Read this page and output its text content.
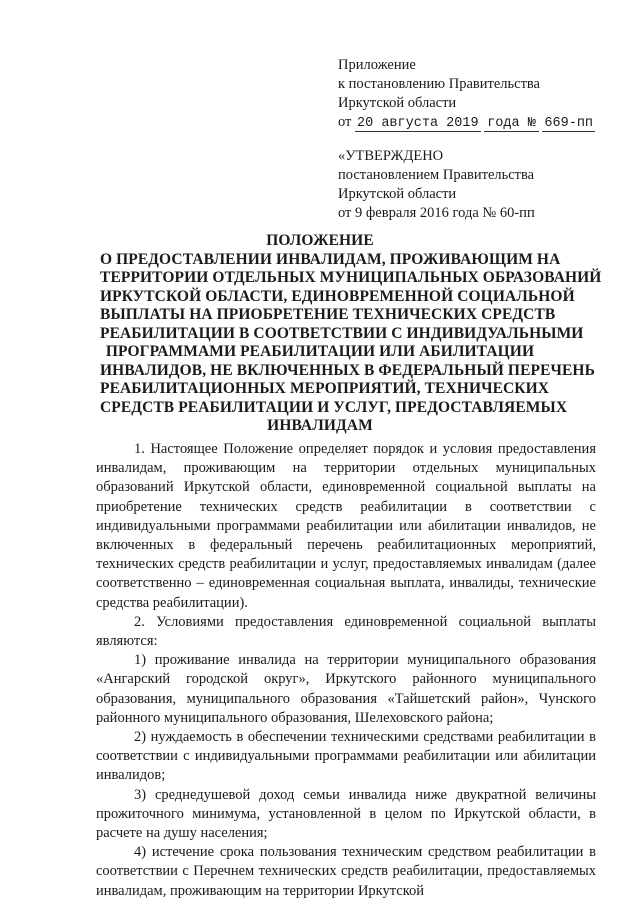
Приложение
к постановлению Правительства
Иркутской области
от 20 августа 2019 года № 669-пп
«УТВЕРЖДЕНО
постановлением Правительства
Иркутской области
от 9 февраля 2016 года № 60-пп
ПОЛОЖЕНИЕ
О ПРЕДОСТАВЛЕНИИ ИНВАЛИДАМ, ПРОЖИВАЮЩИМ НА
ТЕРРИТОРИИ ОТДЕЛЬНЫХ МУНИЦИПАЛЬНЫХ ОБРАЗОВАНИЙ
ИРКУТСКОЙ ОБЛАСТИ, ЕДИНОВРЕМЕННОЙ СОЦИАЛЬНОЙ
ВЫПЛАТЫ НА ПРИОБРЕТЕНИЕ ТЕХНИЧЕСКИХ СРЕДСТВ
РЕАБИЛИТАЦИИ В СООТВЕТСТВИИ С ИНДИВИДУАЛЬНЫМИ
ПРОГРАММАМИ РЕАБИЛИТАЦИИ ИЛИ АБИЛИТАЦИИ
ИНВАЛИДОВ, НЕ ВКЛЮЧЕННЫХ В ФЕДЕРАЛЬНЫЙ ПЕРЕЧЕНЬ
РЕАБИЛИТАЦИОННЫХ МЕРОПРИЯТИЙ, ТЕХНИЧЕСКИХ
СРЕДСТВ РЕАБИЛИТАЦИИ И УСЛУГ, ПРЕДОСТАВЛЯЕМЫХ
ИНВАЛИДАМ

1. Настоящее Положение определяет порядок и условия предоставления инвалидам, проживающим на территории отдельных муниципальных образований Иркутской области, единовременной социальной выплаты на приобретение технических средств реабилитации в соответствии с индивидуальными программами реабилитации или абилитации инвалидов, не включенных в федеральный перечень реабилитационных мероприятий, технических средств реабилитации и услуг, предоставляемых инвалидам (далее соответственно – единовременная социальная выплата, инвалиды, технические средства реабилитации).

2. Условиями предоставления единовременной социальной выплаты являются:

1) проживание инвалида на территории муниципального образования «Ангарский городской округ», Иркутского районного муниципального образования, муниципального образования «Тайшетский район», Чунского районного муниципального образования, Шелеховского района;

2) нуждаемость в обеспечении техническими средствами реабилитации в соответствии с индивидуальными программами реабилитации или абилитации инвалидов;

3) среднедушевой доход семьи инвалида ниже двукратной величины прожиточного минимума, установленной в целом по Иркутской области, в расчете на душу населения;

4) истечение срока пользования техническим средством реабилитации в соответствии с Перечнем технических средств реабилитации, предоставляемых инвалидам, проживающим на территории Иркутской
